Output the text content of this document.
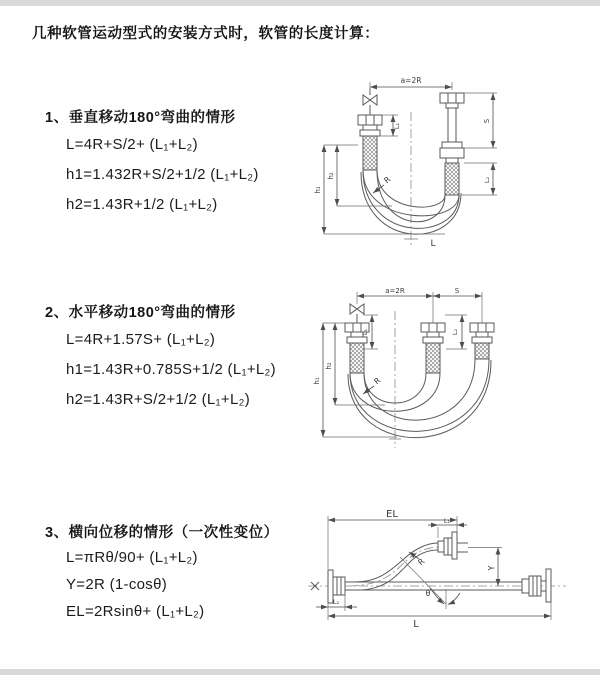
几种软管运动型式的安装方式时，软管的长度计算：
1、垂直移动180°弯曲的情形
L=4R+S/2+ (L₁+L₂)
h1=1.432R+S/2+1/2 (L₁+L₂)
h2=1.43R+1/2 (L₁+L₂)
a=2R
h₁
h₂
L₁
S
L₂
R
L
2、水平移动180°弯曲的情形
L=4R+1.57S+ (L₁+L₂)
h1=1.43R+0.785S+1/2 (L₁+L₂)
h2=1.43R+S/2+1/2 (L₁+L₂)
a=2R	S
L₁	L₂
h₁
h₂
R
3、横向位移的情形（一次性变位）
L=πRθ/90+ (L₁+L₂)
Y=2R (1-cosθ)
EL=2Rsinθ+ (L₁+L₂)
EL
L₁
Y
θ
R
L₂
L
